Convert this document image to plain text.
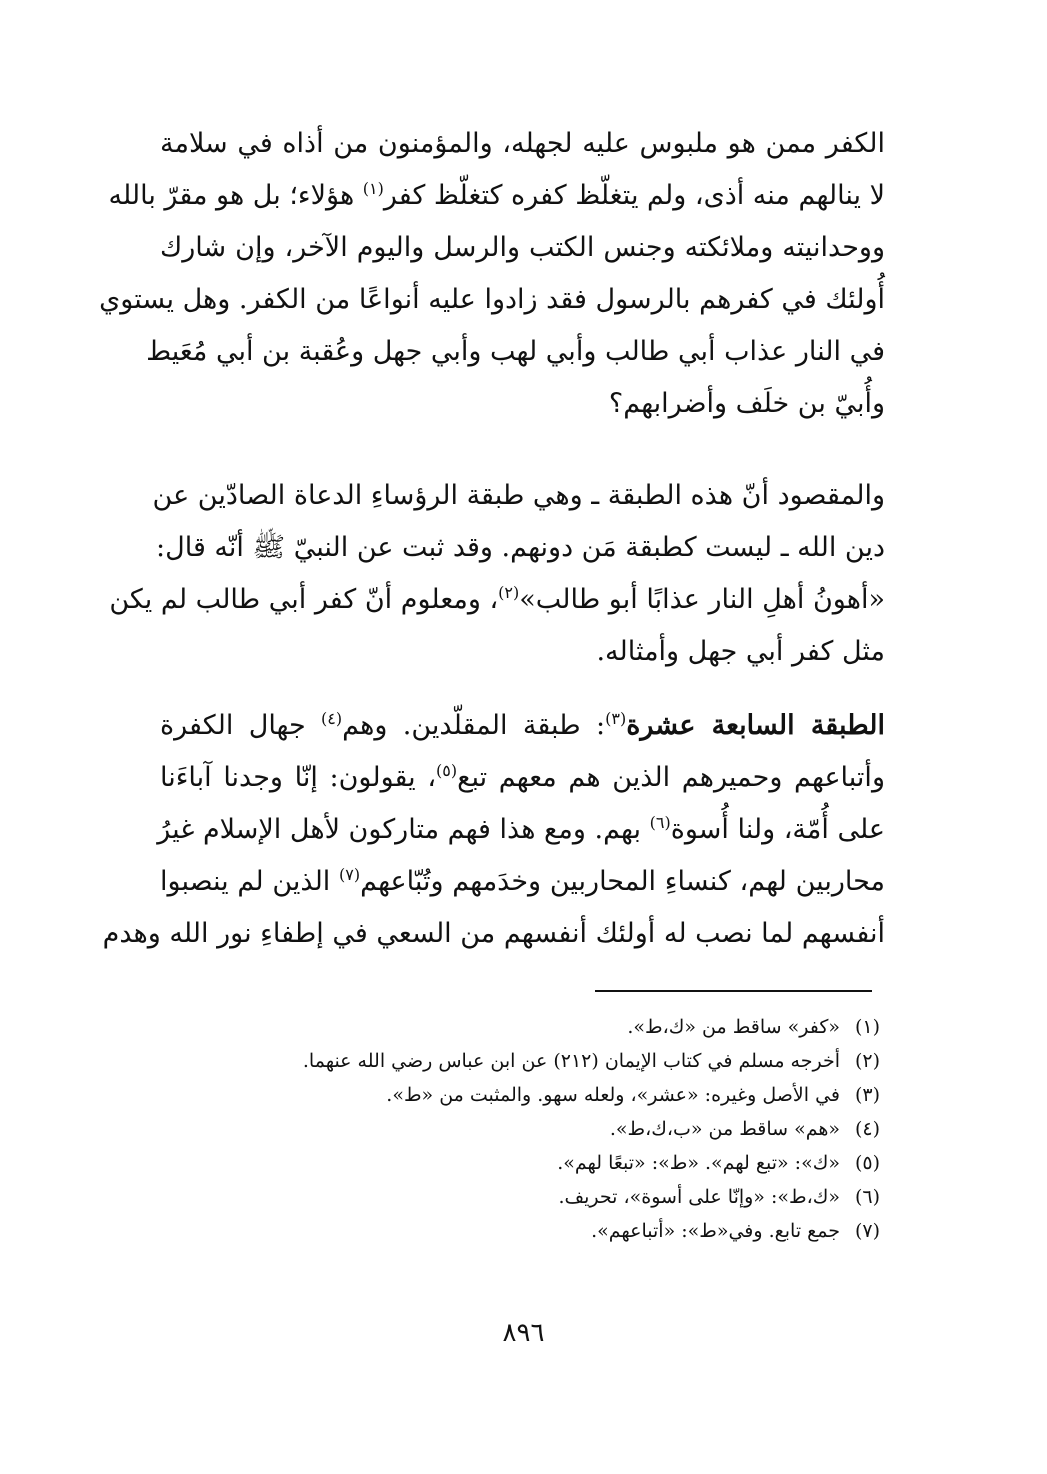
الكفر ممن هو ملبوس عليه لجهله، والمؤمنون من أذاه في سلامة
لا ينالهم منه أذى، ولم يتغلّظ كفره كتغلّظ كفر$^{(١)}$ هؤلاء؛ بل هو مقرّ بالله
ووحدانيته وملائكته وجنس الكتب والرسل واليوم الآخر، وإن شارك
أُولئك في كفرهم بالرسول فقد زادوا عليه أنواعًا من الكفر. وهل يستوي
في النار عذاب أبي طالب وأبي لهب وأبي جهل وعُقبة بن أبي مُعَيط
وأُبيّ بن خلَف وأضرابهم؟
والمقصود أنّ هذه الطبقة ـ وهي طبقة الرؤساءِ الدعاة الصادّين عن
دين الله ـ ليست كطبقة مَن دونهم. وقد ثبت عن النبيّ ﷺ أنّه قال:
«أهونُ أهلِ النار عذابًا أبو طالب»$^{(٢)}$، ومعلوم أنّ كفر أبي طالب لم يكن
مثل كفر أبي جهل وأمثاله.
الطبقة السابعة عشرة$^{(٣)}$: طبقة المقلّدين. وهم$^{(٤)}$ جهال الكفرة
وأتباعهم وحميرهم الذين هم معهم تبع$^{(٥)}$، يقولون: إنّا وجدنا آباءَنا
على أُمّة، ولنا أُسوة$^{(٦)}$ بهم. ومع هذا فهم متاركون لأهل الإسلام غيرُ
محاربين لهم، كنساءِ المحاربين وخدَمهم وتُبّاعهم$^{(٧)}$ الذين لم ينصبوا
أنفسهم لما نصب له أولئك أنفسهم من السعي في إطفاءِ نور الله وهدم
(١)
«كفر» ساقط من «ك،ط».
(٢)
أخرجه مسلم في كتاب الإيمان (٢١٢) عن ابن عباس رضي الله عنهما.
(٣)
في الأصل وغيره: «عشر»، ولعله سهو. والمثبت من «ط».
(٤)
«هم» ساقط من «ب،ك،ط».
(٥)
«ك»: «تبع لهم». «ط»: «تبعًا لهم».
(٦)
«ك،ط»: «وإنّا على أسوة»، تحريف.
(٧)
جمع تابع. وفي«ط»: «أتباعهم».
٨٩٦
